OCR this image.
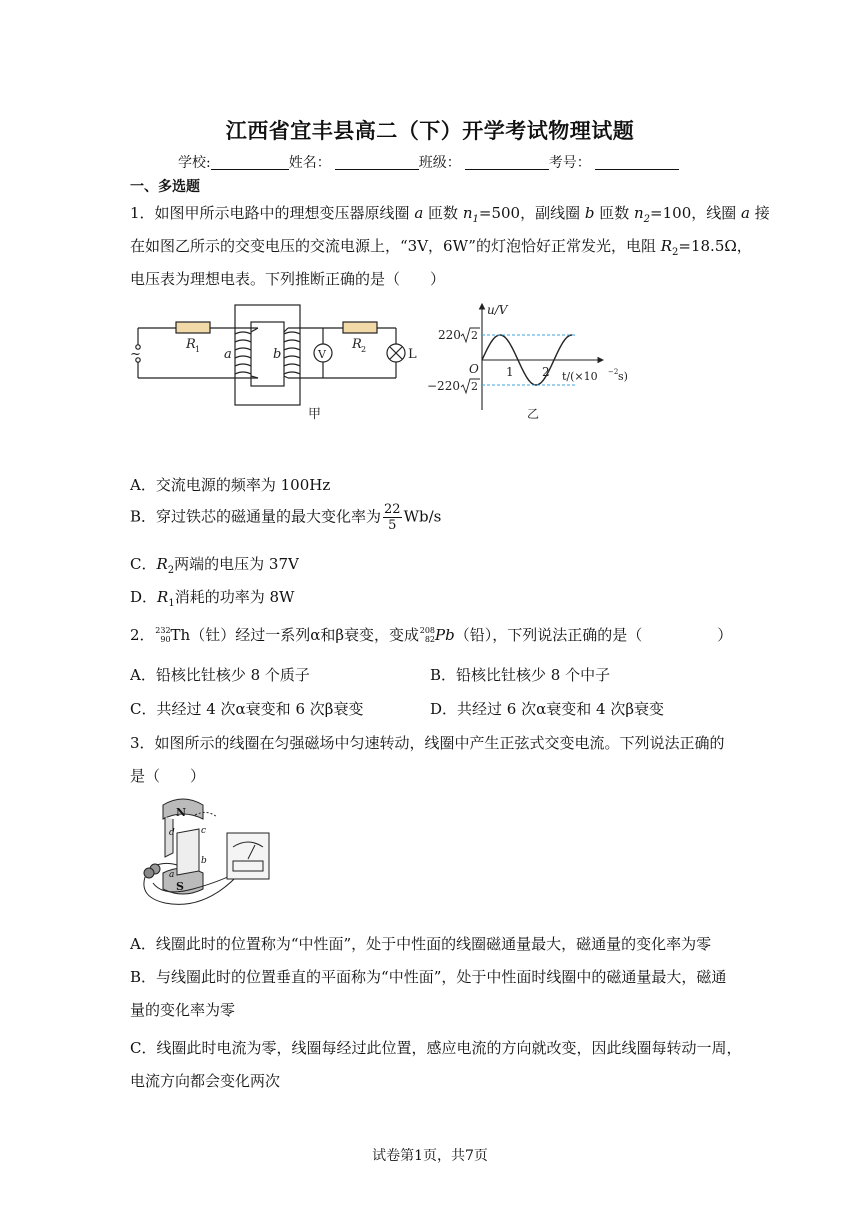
江西省宜丰县高二（下）开学考试物理试题
学校:	姓名：	班级：	考号：
一、多选题
1．如图甲所示电路中的理想变压器原线圈 a 匝数 $n_1=500$，副线圈 b 匝数 $n_2=100$，线圈 a 接
在如图乙所示的交变电压的交流电源上，“3V，6W”的灯泡恰好正常发光，电阻 $R_2=18.5\Omega$，
电压表为理想电表。下列推断正确的是（　　）
~
R 1 a	b	V
R 2	L
甲
u/V
220
−220
O 1 2 t/(×10 −2 s)
乙
2
2
A．交流电源的频率为 100Hz
B．穿过铁芯的磁通量的最大变化率为 $\frac{22}{5} Wb/s$
C．$R_2$两端的电压为 37V
D．$R_1$消耗的功率为 8W
2． 232
90 Th（钍）经过一系列α和β衰变，变成 208
82 Pb（铅），下列说法正确的是（　　　　　）
A．铅核比钍核少 8 个质子	B．铅核比钍核少 8 个中子
C．共经过 4 次α衰变和 6 次β衰变	D．共经过 6 次α衰变和 4 次β衰变
3．如图所示的线圈在匀强磁场中匀速转动，线圈中产生正弦式交变电流。下列说法正确的
是（　　）
N
S
d	c
a
b
A．线圈此时的位置称为“中性面”，处于中性面的线圈磁通量最大，磁通量的变化率为零
B．与线圈此时的位置垂直的平面称为“中性面”，处于中性面时线圈中的磁通量最大，磁通
量的变化率为零
C．线圈此时电流为零，线圈每经过此位置，感应电流的方向就改变，因此线圈每转动一周，
电流方向都会变化两次
试卷第1页，共7页
